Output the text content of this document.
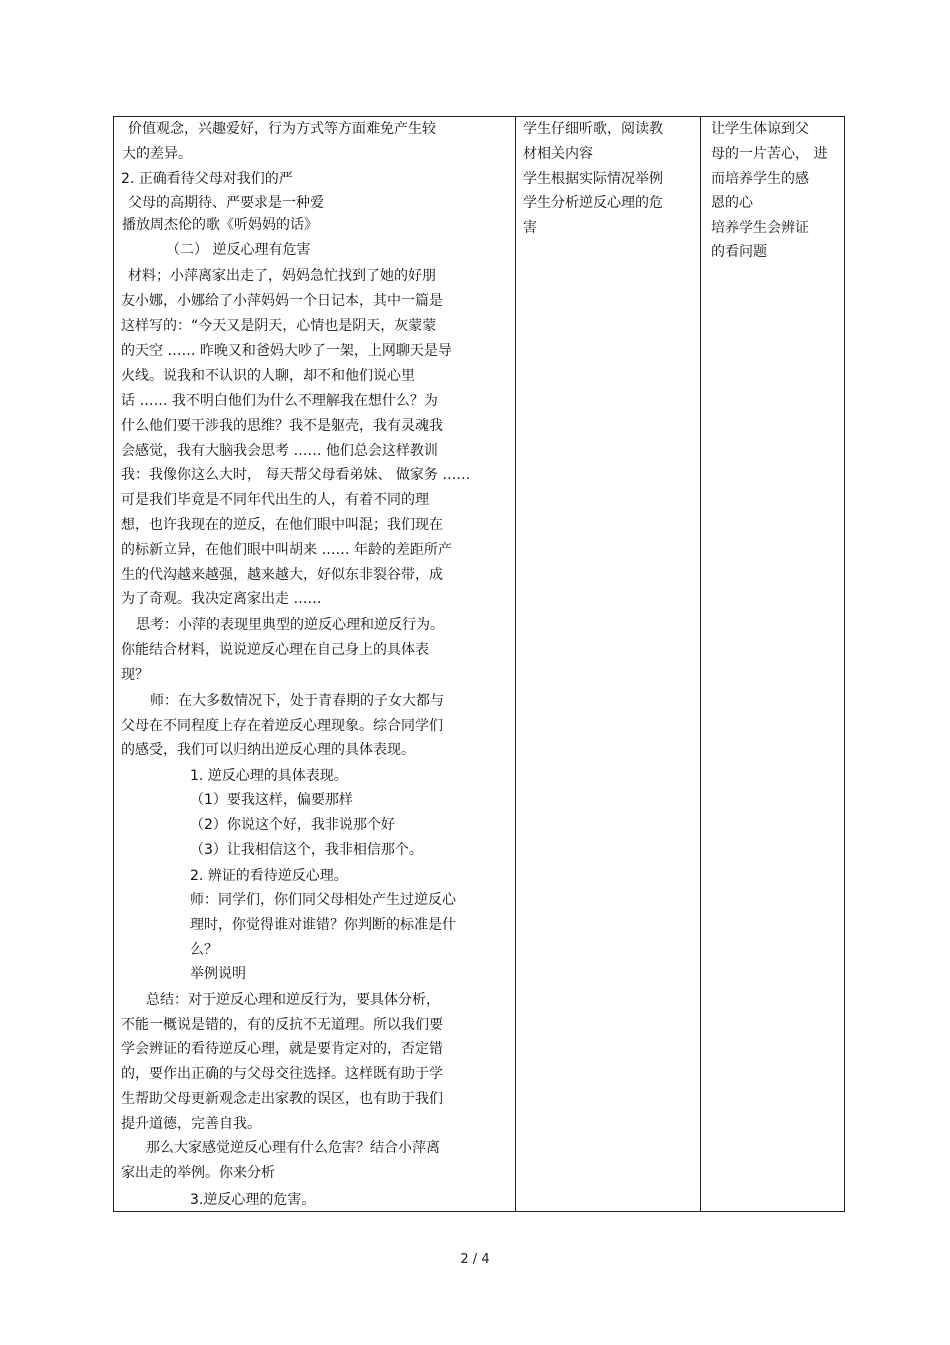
价值观念，兴趣爱好，行为方式等方面难免产生较
大的差异。
2. 正确看待父母对我们的严
父母的高期待、严要求是一种爱
播放周杰伦的歌《听妈妈的话》
（二） 逆反心理有危害
材料；小萍离家出走了，妈妈急忙找到了她的好朋
友小娜，小娜给了小萍妈妈一个日记本，其中一篇是
这样写的：“今天又是阴天，心情也是阴天，灰蒙蒙
的天空 …… 昨晚又和爸妈大吵了一架，上网聊天是导
火线。说我和不认识的人聊，却不和他们说心里
话 …… 我不明白他们为什么不理解我在想什么？为
什么他们要干涉我的思维？我不是躯壳，我有灵魂我
会感觉，我有大脑我会思考 …… 他们总会这样教训
我：我像你这么大时， 每天帮父母看弟妹、 做家务 ……
可是我们毕竟是不同年代出生的人，有着不同的理
想，也许我现在的逆反，在他们眼中叫混；我们现在
的标新立异，在他们眼中叫胡来 …… 年龄的差距所产
生的代沟越来越强，越来越大，好似东非裂谷带，成
为了奇观。我决定离家出走 ……
思考：小萍的表现里典型的逆反心理和逆反行为。
你能结合材料，说说逆反心理在自己身上的具体表
现？
师：在大多数情况下，处于青春期的子女大都与
父母在不同程度上存在着逆反心理现象。综合同学们
的感受，我们可以归纳出逆反心理的具体表现。
1. 逆反心理的具体表现。
（1）要我这样，偏要那样
（2）你说这个好，我非说那个好
（3）让我相信这个，我非相信那个。
2. 辨证的看待逆反心理。
师：同学们，你们同父母相处产生过逆反心
理时，你觉得谁对谁错？你判断的标准是什
么？
举例说明
总结：对于逆反心理和逆反行为，要具体分析，
不能一概说是错的，有的反抗不无道理。所以我们要
学会辨证的看待逆反心理，就是要肯定对的，否定错
的，要作出正确的与父母交往选择。这样既有助于学
生帮助父母更新观念走出家教的误区，也有助于我们
提升道德，完善自我。
那么大家感觉逆反心理有什么危害？结合小萍离
家出走的举例。你来分析
3.逆反心理的危害。
学生仔细听歌，阅读教
材相关内容
学生根据实际情况举例
学生分析逆反心理的危
害
让学生体谅到父
母的一片苦心， 进
而培养学生的感
恩的心
培养学生会辨证
的看问题
2 / 4
